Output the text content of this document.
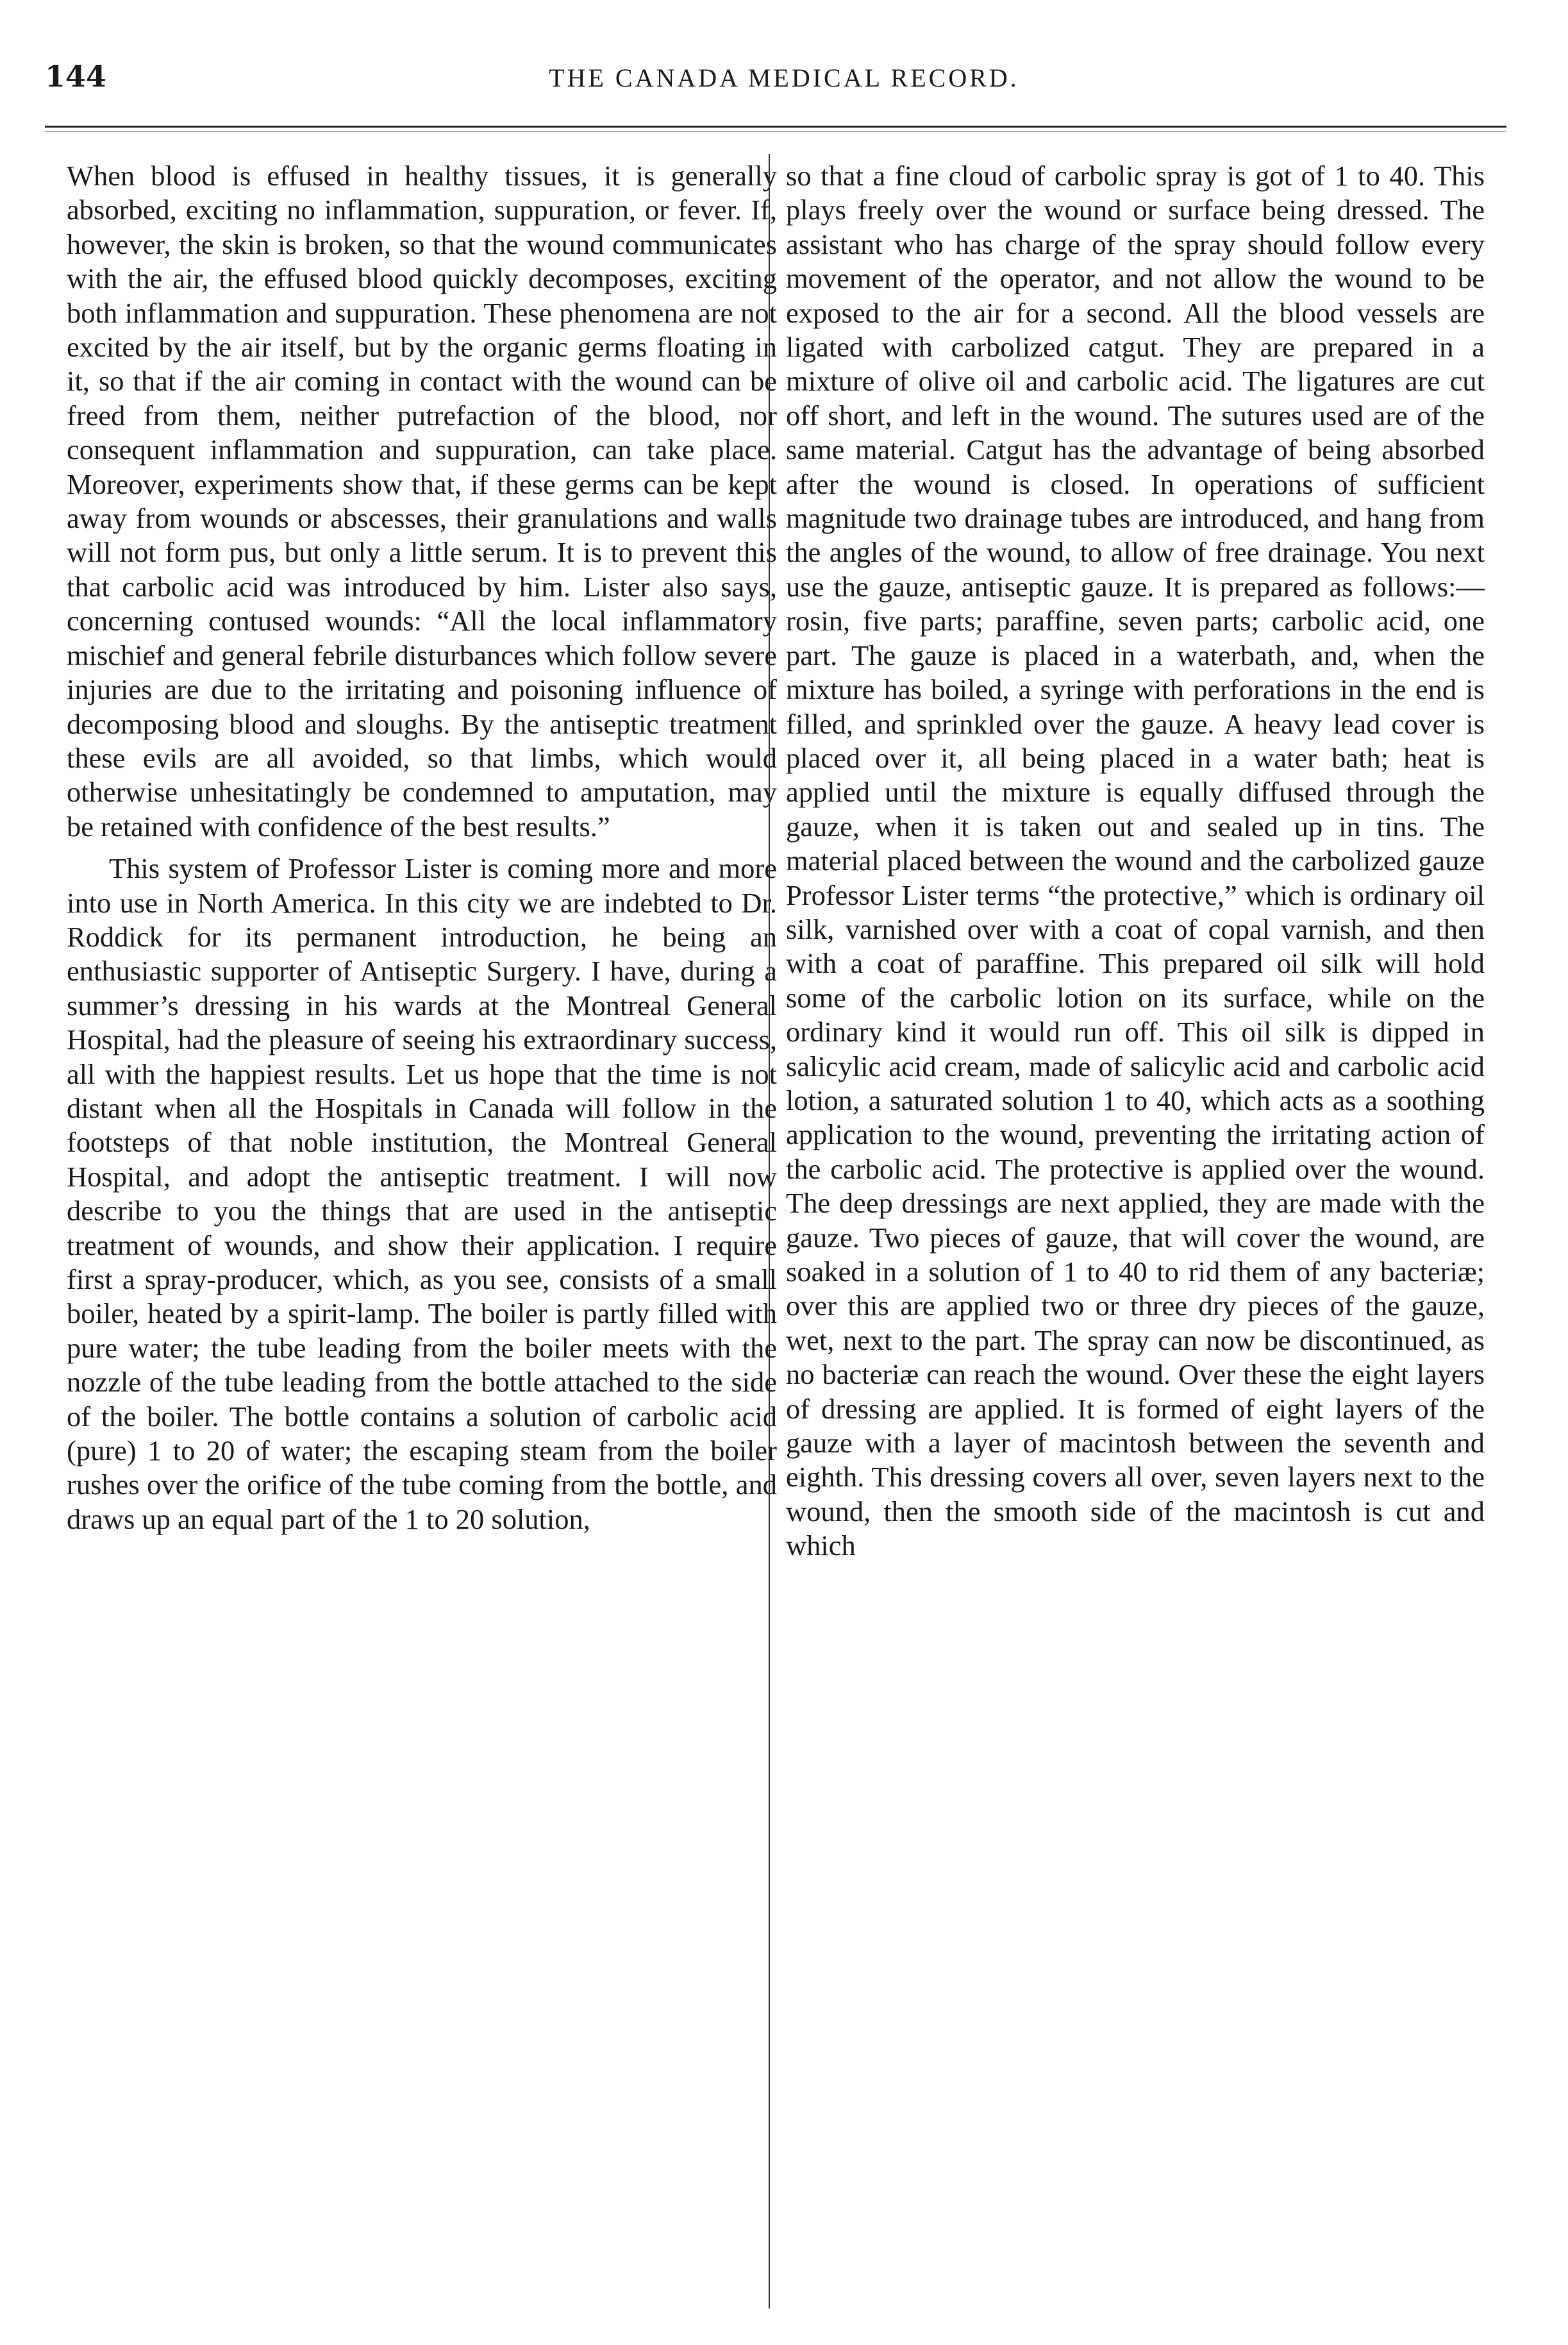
144	THE CANADA MEDICAL RECORD.

When blood is effused in healthy tissues, it is generally absorbed, exciting no inflammation, suppuration, or fever. If, however, the skin is broken, so that the wound communicates with the air, the effused blood quickly decomposes, exciting both inflammation and suppuration. These phenomena are not excited by the air itself, but by the organic germs floating in it, so that if the air coming in contact with the wound can be freed from them, neither putrefaction of the blood, nor consequent inflammation and suppuration, can take place. Moreover, experiments show that, if these germs can be kept away from wounds or abscesses, their granulations and walls will not form pus, but only a little serum. It is to prevent this that carbolic acid was introduced by him. Lister also says, concerning contused wounds: “All the local inflammatory mischief and general febrile disturbances which follow severe injuries are due to the irritating and poisoning influence of decomposing blood and sloughs. By the antiseptic treatment these evils are all avoided, so that limbs, which would otherwise unhesitatingly be condemned to amputation, may be retained with confidence of the best results.”

This system of Professor Lister is coming more and more into use in North America. In this city we are indebted to Dr. Roddick for its permanent introduction, he being an enthusiastic supporter of Antiseptic Surgery. I have, during a summer’s dressing in his wards at the Montreal General Hospital, had the pleasure of seeing his extraordinary success, all with the happiest results. Let us hope that the time is not distant when all the Hospitals in Canada will follow in the footsteps of that noble institution, the Montreal General Hospital, and adopt the antiseptic treatment. I will now describe to you the things that are used in the antiseptic treatment of wounds, and show their application. I require first a spray-producer, which, as you see, consists of a small boiler, heated by a spirit-lamp. The boiler is partly filled with pure water; the tube leading from the boiler meets with the nozzle of the tube leading from the bottle attached to the side of the boiler. The bottle contains a solution of carbolic acid (pure) 1 to 20 of water; the escaping steam from the boiler rushes over the orifice of the tube coming from the bottle, and draws up an equal part of the 1 to 20 solution,

so that a fine cloud of carbolic spray is got of 1 to 40. This plays freely over the wound or surface being dressed. The assistant who has charge of the spray should follow every movement of the operator, and not allow the wound to be exposed to the air for a second. All the blood vessels are ligated with carbolized catgut. They are prepared in a mixture of olive oil and carbolic acid. The ligatures are cut off short, and left in the wound. The sutures used are of the same material. Catgut has the advantage of being absorbed after the wound is closed. In operations of sufficient magnitude two drainage tubes are introduced, and hang from the angles of the wound, to allow of free drainage. You next use the gauze, antiseptic gauze. It is prepared as follows:—rosin, five parts; paraffine, seven parts; carbolic acid, one part. The gauze is placed in a waterbath, and, when the mixture has boiled, a syringe with perforations in the end is filled, and sprinkled over the gauze. A heavy lead cover is placed over it, all being placed in a water bath; heat is applied until the mixture is equally diffused through the gauze, when it is taken out and sealed up in tins. The material placed between the wound and the carbolized gauze Professor Lister terms “the protective,” which is ordinary oil silk, varnished over with a coat of copal varnish, and then with a coat of paraffine. This prepared oil silk will hold some of the carbolic lotion on its surface, while on the ordinary kind it would run off. This oil silk is dipped in salicylic acid cream, made of salicylic acid and carbolic acid lotion, a saturated solution 1 to 40, which acts as a soothing application to the wound, preventing the irritating action of the carbolic acid. The protective is applied over the wound. The deep dressings are next applied, they are made with the gauze. Two pieces of gauze, that will cover the wound, are soaked in a solution of 1 to 40 to rid them of any bacteriæ; over this are applied two or three dry pieces of the gauze, wet, next to the part. The spray can now be discontinued, as no bacteriæ can reach the wound. Over these the eight layers of dressing are applied. It is formed of eight layers of the gauze with a layer of macintosh between the seventh and eighth. This dressing covers all over, seven layers next to the wound, then the smooth side of the macintosh is cut and which
